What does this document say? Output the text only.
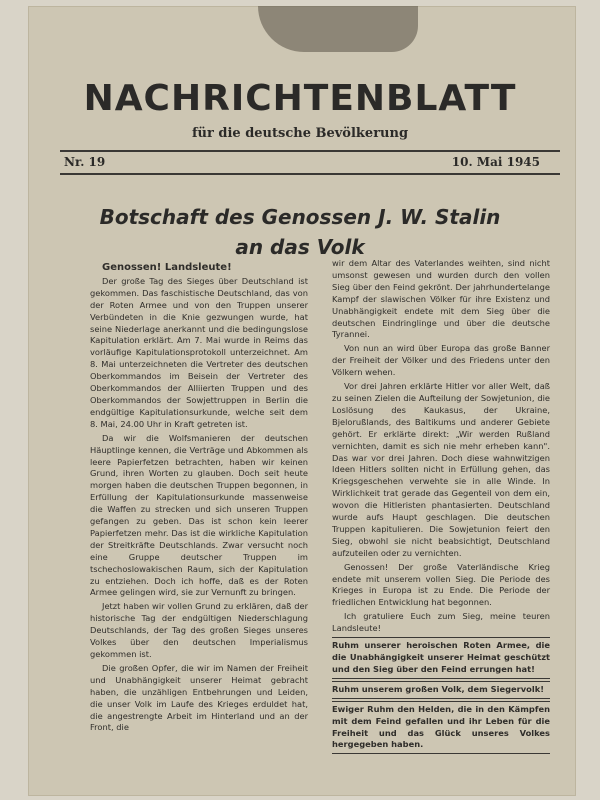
NACHRICHTENBLATT
für die deutsche Bevölkerung
Nr. 19	10. Mai 1945
Botschaft des Genossen J. W. Stalin
an das Volk

Genossen! Landsleute!

Der große Tag des Sieges über Deutschland ist gekommen. Das faschistische Deutschland, das von der Roten Armee und von den Truppen unserer Verbündeten in die Knie gezwungen wurde, hat seine Niederlage anerkannt und die bedingungslose Kapitulation erklärt. Am 7. Mai wurde in Reims das vorläufige Kapitulationsprotokoll unterzeichnet. Am 8. Mai unterzeichneten die Vertreter des deutschen Oberkommandos im Beisein der Vertreter des Oberkommandos der Alliierten Truppen und des Oberkommandos der Sowjettruppen in Berlin die endgültige Kapitulationsurkunde, welche seit dem 8. Mai, 24.00 Uhr in Kraft getreten ist.

Da wir die Wolfsmanieren der deutschen Häuptlinge kennen, die Verträge und Abkommen als leere Papierfetzen betrachten, haben wir keinen Grund, ihren Worten zu glauben. Doch seit heute morgen haben die deutschen Truppen begonnen, in Erfüllung der Kapitulationsurkunde massenweise die Waffen zu strecken und sich unseren Truppen gefangen zu geben. Das ist schon kein leerer Papierfetzen mehr. Das ist die wirkliche Kapitulation der Streitkräfte Deutschlands. Zwar versucht noch eine Gruppe deutscher Truppen im tschechoslowakischen Raum, sich der Kapitulation zu entziehen. Doch ich hoffe, daß es der Roten Armee gelingen wird, sie zur Vernunft zu bringen.

Jetzt haben wir vollen Grund zu erklären, daß der historische Tag der endgültigen Niederschlagung Deutschlands, der Tag des großen Sieges unseres Volkes über den deutschen Imperialismus gekommen ist.

Die großen Opfer, die wir im Namen der Freiheit und Unabhängigkeit unserer Heimat gebracht haben, die unzähligen Entbehrungen und Leiden, die unser Volk im Laufe des Krieges erduldet hat, die angestrengte Arbeit im Hinterland und an der Front, die

wir dem Altar des Vaterlandes weihten, sind nicht umsonst gewesen und wurden durch den vollen Sieg über den Feind gekrönt. Der jahrhundertelange Kampf der slawischen Völker für ihre Existenz und Unabhängigkeit endete mit dem Sieg über die deutschen Eindringlinge und über die deutsche Tyrannei.

Von nun an wird über Europa das große Banner der Freiheit der Völker und des Friedens unter den Völkern wehen.

Vor drei Jahren erklärte Hitler vor aller Welt, daß zu seinen Zielen die Aufteilung der Sowjetunion, die Loslösung des Kaukasus, der Ukraine, Bjelorußlands, des Baltikums und anderer Gebiete gehört. Er erklärte direkt: „Wir werden Rußland vernichten, damit es sich nie mehr erheben kann". Das war vor drei Jahren. Doch diese wahnwitzigen Ideen Hitlers sollten nicht in Erfüllung gehen, das Kriegsgeschehen verwehte sie in alle Winde. In Wirklichkeit trat gerade das Gegenteil von dem ein, wovon die Hitleristen phantasierten. Deutschland wurde aufs Haupt geschlagen. Die deutschen Truppen kapitulieren. Die Sowjetunion feiert den Sieg, obwohl sie nicht beabsichtigt, Deutschland aufzuteilen oder zu vernichten.

Genossen! Der große Vaterländische Krieg endete mit unserem vollen Sieg. Die Periode des Krieges in Europa ist zu Ende. Die Periode der friedlichen Entwicklung hat begonnen.

Ich gratuliere Euch zum Sieg, meine teuren Landsleute!

Ruhm unserer heroischen Roten Armee, die die Unabhängigkeit unserer Heimat geschützt und den Sieg über den Feind errungen hat!

Ruhm unserem großen Volk, dem Siegervolk!

Ewiger Ruhm den Helden, die in den Kämpfen mit dem Feind gefallen und ihr Leben für die Freiheit und das Glück unseres Volkes hergegeben haben.
